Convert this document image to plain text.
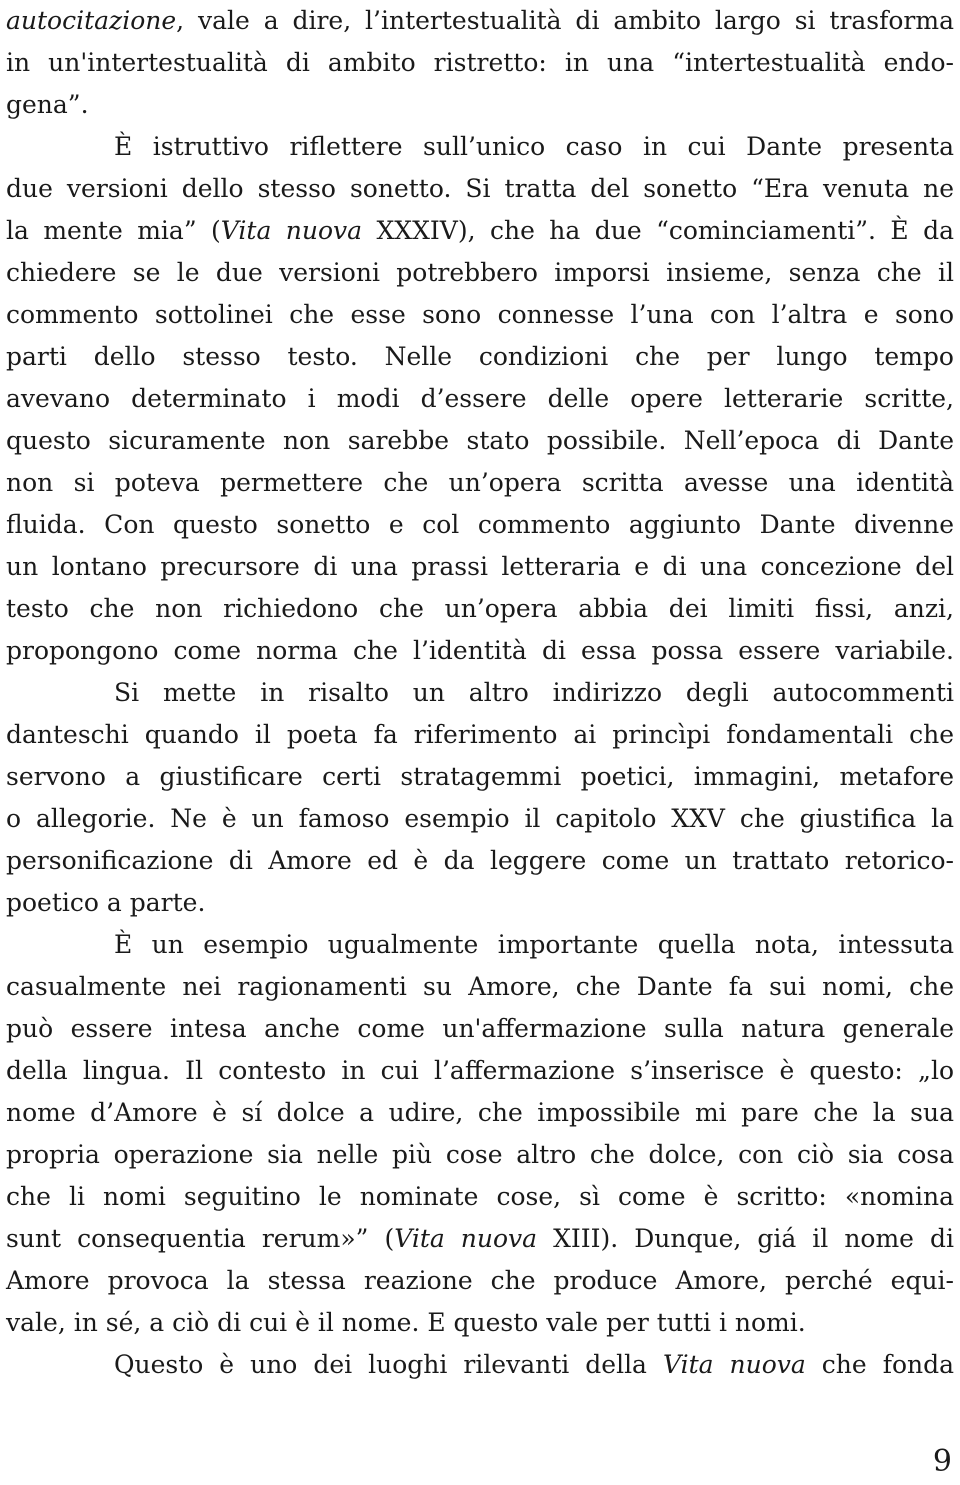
autocitazione, vale a dire, l’intertestualità di ambito largo si trasforma
in un'intertestualità di ambito ristretto: in una “intertestualità endo-
gena”.
È istruttivo riflettere sull’unico caso in cui Dante presenta
due versioni dello stesso sonetto. Si tratta del sonetto “Era venuta ne
la mente mia” (Vita nuova XXXIV), che ha due “cominciamenti”. È da
chiedere se le due versioni potrebbero imporsi insieme, senza che il
commento sottolinei che esse sono connesse l’una con l’altra e sono
parti dello stesso testo. Nelle condizioni che per lungo tempo
avevano determinato i modi d’essere delle opere letterarie scritte,
questo sicuramente non sarebbe stato possibile. Nell’epoca di Dante
non si poteva permettere che un’opera scritta avesse una identità
fluida. Con questo sonetto e col commento aggiunto Dante divenne
un lontano precursore di una prassi letteraria e di una concezione del
testo che non richiedono che un’opera abbia dei limiti fissi, anzi,
propongono come norma che l’identità di essa possa essere variabile.
Si mette in risalto un altro indirizzo degli autocommenti
danteschi quando il poeta fa riferimento ai princìpi fondamentali che
servono a giustificare certi stratagemmi poetici, immagini, metafore
o allegorie. Ne è un famoso esempio il capitolo XXV che giustifica la
personificazione di Amore ed è da leggere come un trattato retorico-
poetico a parte.
È un esempio ugualmente importante quella nota, intessuta
casualmente nei ragionamenti su Amore, che Dante fa sui nomi, che
può essere intesa anche come un'affermazione sulla natura generale
della lingua. Il contesto in cui l’affermazione s’inserisce è questo: „lo
nome d’Amore è sí dolce a udire, che impossibile mi pare che la sua
propria operazione sia nelle più cose altro che dolce, con ciò sia cosa
che li nomi seguitino le nominate cose, sì come è scritto: «nomina
sunt consequentia rerum»” (Vita nuova XIII). Dunque, giá il nome di
Amore provoca la stessa reazione che produce Amore, perché equi-
vale, in sé, a ciò di cui è il nome. E questo vale per tutti i nomi.
Questo è uno dei luoghi rilevanti della Vita nuova che fonda
9
